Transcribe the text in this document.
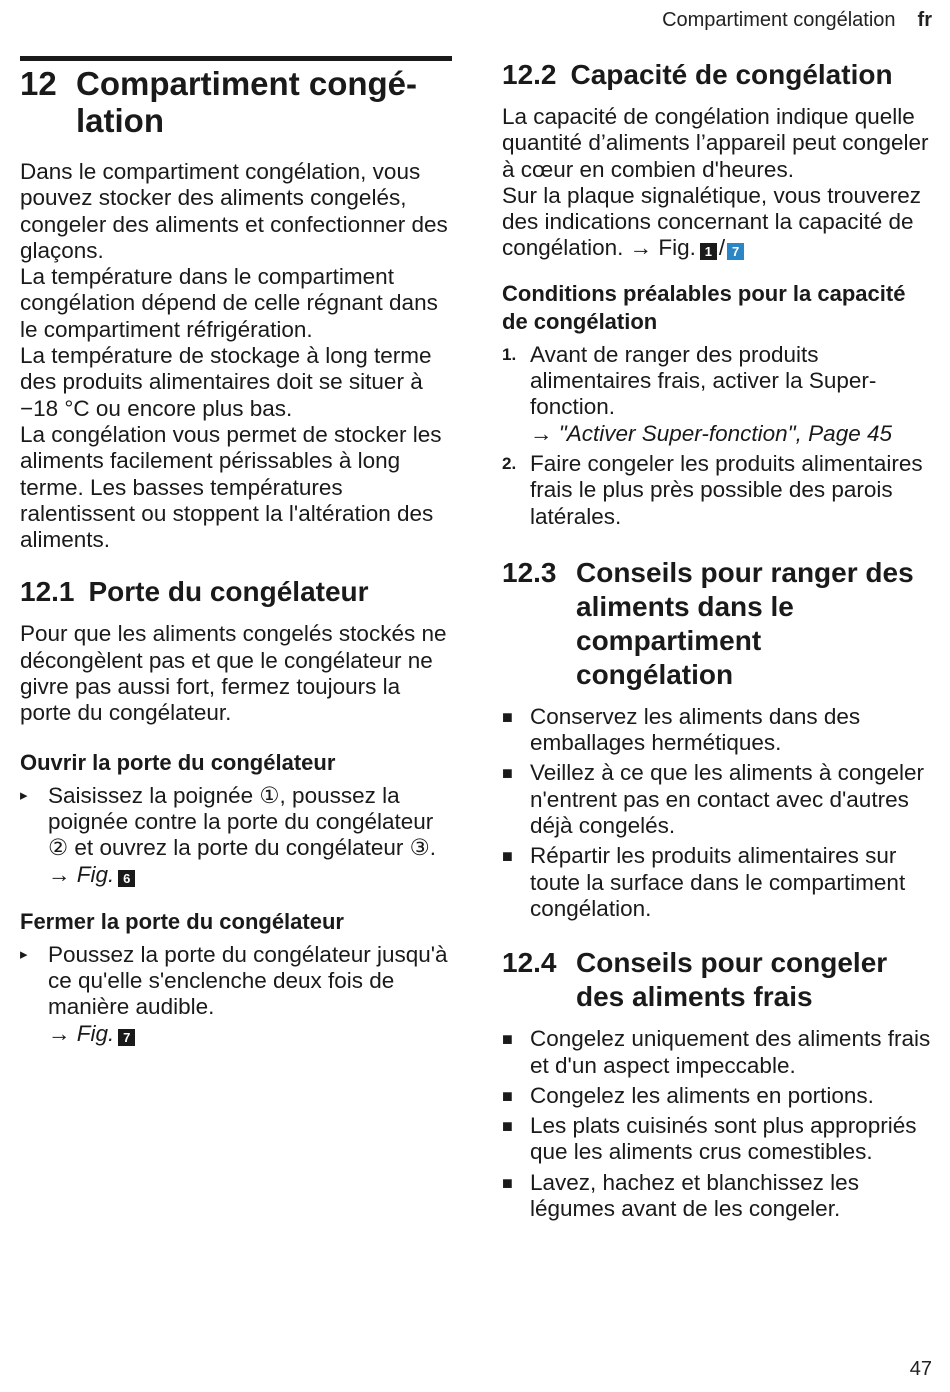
Compartiment congélation fr
12 Compartiment congé- lation

Dans le compartiment congélation, vous pouvez stocker des aliments congelés, congeler des aliments et confectionner des glaçons.

La température dans le compartiment congélation dépend de celle régnant dans le compartiment réfrigération.

La température de stockage à long terme des produits alimentaires doit se situer à −18 °C ou encore plus bas.

La congélation vous permet de stocker les aliments facilement périssables à long terme. Les basses températures ralentissent ou stoppent la l'altération des aliments.

12.1 Porte du congélateur

Pour que les aliments congelés stockés ne décongèlent pas et que le congélateur ne givre pas aussi fort, fermez toujours la porte du congélateur.

Ouvrir la porte du congélateur
▸ Saisissez la poignée ①, poussez la poignée contre la porte du congélateur ② et ouvrez la porte du congélateur ③.
→ Fig. 6
Fermer la porte du congélateur
▸ Poussez la porte du congélateur jusqu'à ce qu'elle s'enclenche deux fois de manière audible.
→ Fig. 7
12.2 Capacité de congélation

La capacité de congélation indique quelle quantité d’aliments l’appareil peut congeler à cœur en combien d'heures.

Sur la plaque signalétique, vous trouverez des indications concernant la capacité de congélation. → Fig. 1 / 7

Conditions préalables pour la capacité de congélation
1. Avant de ranger des produits alimentaires frais, activer la Super-fonction.
→ "Activer Super-fonction", Page 45
2. Faire congeler les produits alimentaires frais le plus près possible des parois latérales.
12.3 Conseils pour ranger des aliments dans le compartiment congélation
■ Conservez les aliments dans des emballages hermétiques.
■ Veillez à ce que les aliments à congeler n'entrent pas en contact avec d'autres déjà congelés.
■ Répartir les produits alimentaires sur toute la surface dans le compartiment congélation.
12.4 Conseils pour congeler des aliments frais
■ Congelez uniquement des aliments frais et d'un aspect impeccable.
■ Congelez les aliments en portions.
■ Les plats cuisinés sont plus appropriés que les aliments crus comestibles.
■ Lavez, hachez et blanchissez les légumes avant de les congeler.
47
